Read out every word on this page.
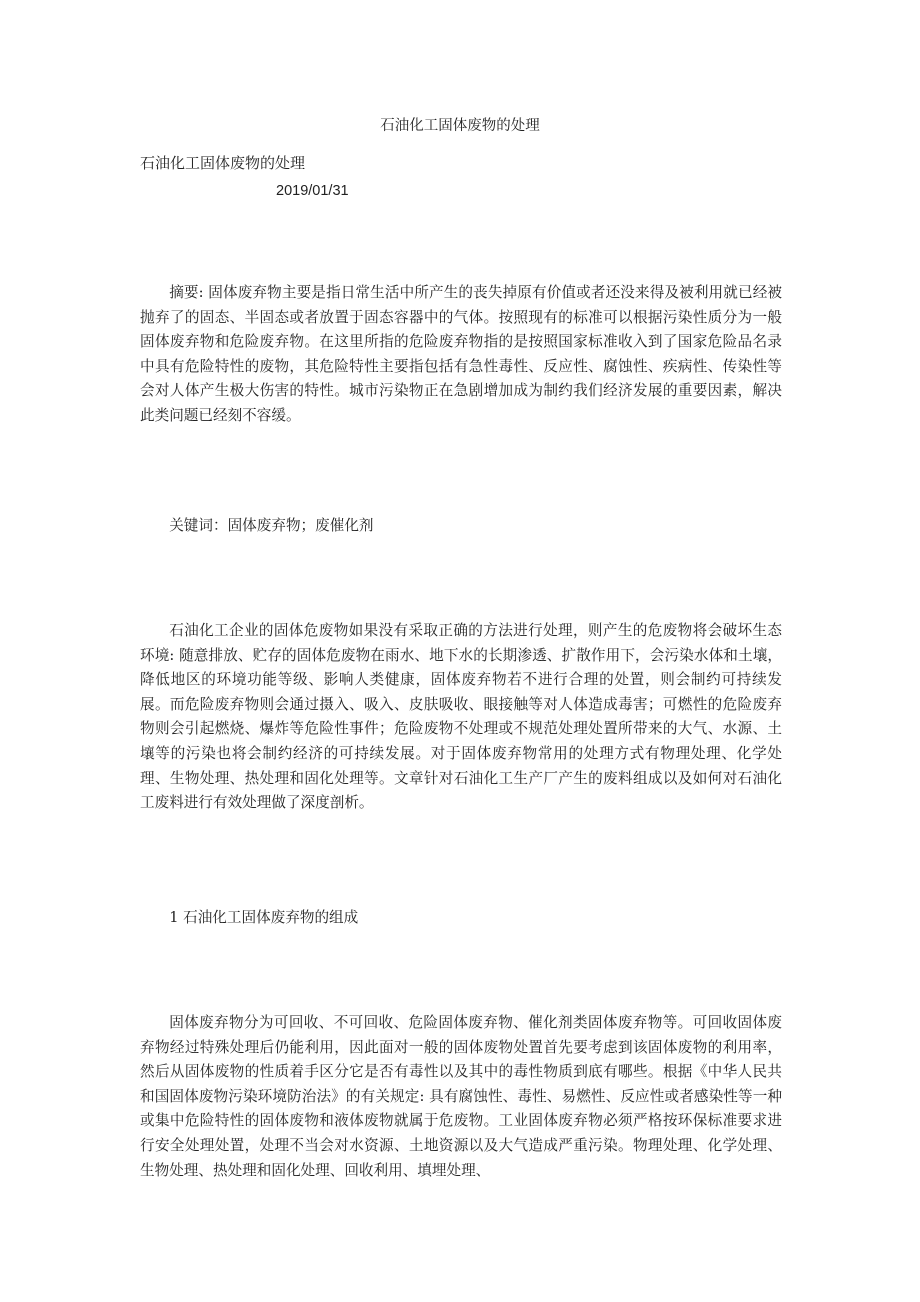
石油化工固体废物的处理
石油化工固体废物的处理
2019/01/31

摘要: 固体废弃物主要是指日常生活中所产生的丧失掉原有价值或者还没来得及被利用就已经被抛弃了的固态、半固态或者放置于固态容器中的气体。按照现有的标准可以根据污染性质分为一般固体废弃物和危险废弃物。在这里所指的危险废弃物指的是按照国家标准收入到了国家危险品名录中具有危险特性的废物，其危险特性主要指包括有急性毒性、反应性、腐蚀性、疾病性、传染性等会对人体产生极大伤害的特性。城市污染物正在急剧增加成为制约我们经济发展的重要因素，解决此类问题已经刻不容缓。

关键词：固体废弃物；废催化剂

石油化工企业的固体危废物如果没有采取正确的方法进行处理，则产生的危废物将会破坏生态环境: 随意排放、贮存的固体危废物在雨水、地下水的长期渗透、扩散作用下，会污染水体和土壤，降低地区的环境功能等级、影响人类健康，固体废弃物若不进行合理的处置，则会制约可持续发展。而危险废弃物则会通过摄入、吸入、皮肤吸收、眼接触等对人体造成毒害；可燃性的危险废弃物则会引起燃烧、爆炸等危险性事件；危险废物不处理或不规范处理处置所带来的大气、水源、土壤等的污染也将会制约经济的可持续发展。对于固体废弃物常用的处理方式有物理处理、化学处理、生物处理、热处理和固化处理等。文章针对石油化工生产厂产生的废料组成以及如何对石油化工废料进行有效处理做了深度剖析。

1 石油化工固体废弃物的组成

固体废弃物分为可回收、不可回收、危险固体废弃物、催化剂类固体废弃物等。可回收固体废弃物经过特殊处理后仍能利用，因此面对一般的固体废物处置首先要考虑到该固体废物的利用率，然后从固体废物的性质着手区分它是否有毒性以及其中的毒性物质到底有哪些。根据《中华人民共和国固体废物污染环境防治法》的有关规定: 具有腐蚀性、毒性、易燃性、反应性或者感染性等一种或集中危险特性的固体废物和液体废物就属于危废物。工业固体废弃物必须严格按环保标准要求进行安全处理处置，处理不当会对水资源、土地资源以及大气造成严重污染。物理处理、化学处理、生物处理、热处理和固化处理、回收利用、填埋处理、
